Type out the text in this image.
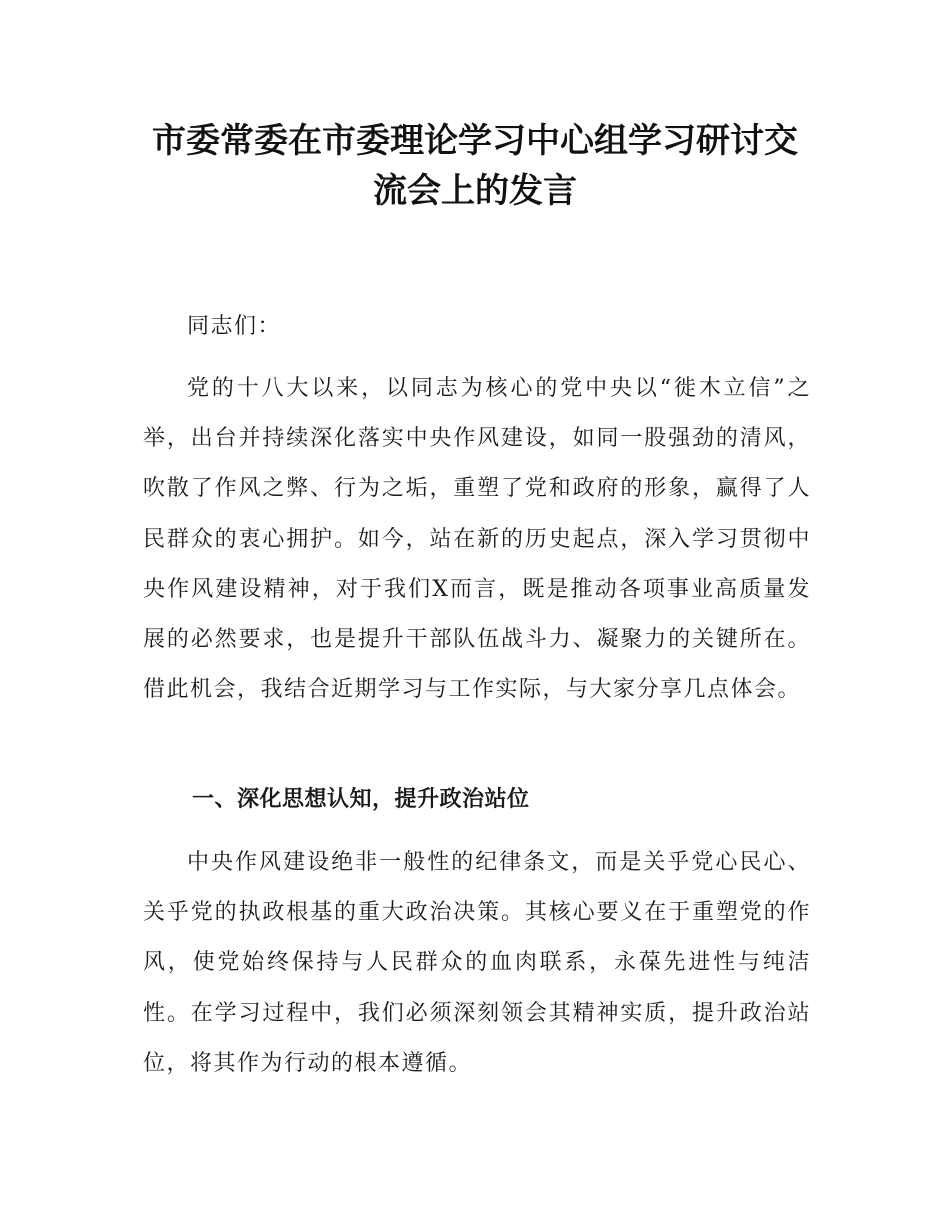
市委常委在市委理论学习中心组学习研讨交
流会上的发言

同志们：

党的十八大以来，以同志为核心的党中央以“徙木立信”之举，出台并持续深化落实中央作风建设，如同一股强劲的清风，吹散了作风之弊、行为之垢，重塑了党和政府的形象，赢得了人民群众的衷心拥护。如今，站在新的历史起点，深入学习贯彻中央作风建设精神，对于我们X而言，既是推动各项事业高质量发展的必然要求，也是提升干部队伍战斗力、凝聚力的关键所在。借此机会，我结合近期学习与工作实际，与大家分享几点体会。

一、深化思想认知，提升政治站位

中央作风建设绝非一般性的纪律条文，而是关乎党心民心、关乎党的执政根基的重大政治决策。其核心要义在于重塑党的作风，使党始终保持与人民群众的血肉联系，永葆先进性与纯洁性。在学习过程中，我们必须深刻领会其精神实质，提升政治站位，将其作为行动的根本遵循。
